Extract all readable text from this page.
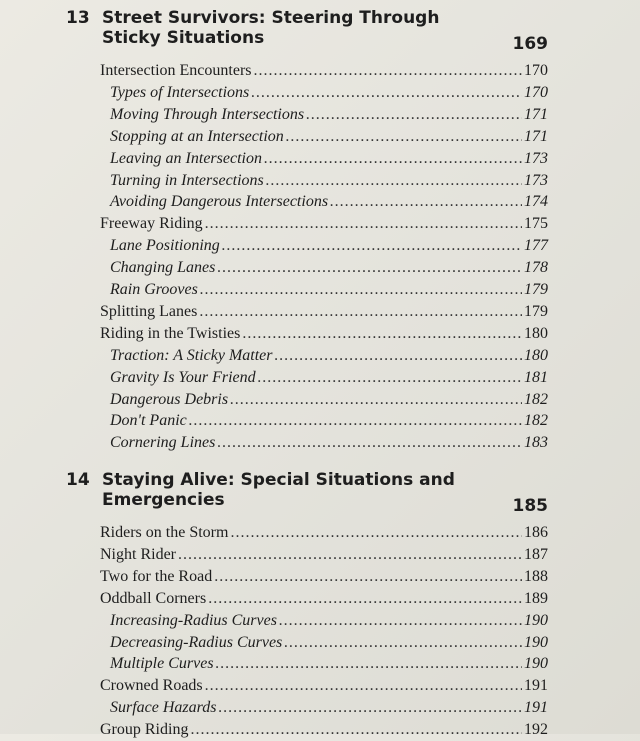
13 Street Survivors: Steering Through Sticky Situations	169
Intersection Encounters .....	170
Types of Intersections .....	170
Moving Through Intersections .....	171
Stopping at an Intersection .....	171
Leaving an Intersection .....	173
Turning in Intersections .....	173
Avoiding Dangerous Intersections .....	174
Freeway Riding .....	175
Lane Positioning .....	177
Changing Lanes .....	178
Rain Grooves .....	179
Splitting Lanes .....	179
Riding in the Twisties .....	180
Traction: A Sticky Matter .....	180
Gravity Is Your Friend .....	181
Dangerous Debris .....	182
Don't Panic .....	182
Cornering Lines .....	183
14 Staying Alive: Special Situations and Emergencies	185
Riders on the Storm .....	186
Night Rider .....	187
Two for the Road .....	188
Oddball Corners .....	189
Increasing-Radius Curves .....	190
Decreasing-Radius Curves .....	190
Multiple Curves .....	190
Crowned Roads .....	191
Surface Hazards .....	191
Group Riding .....	192
